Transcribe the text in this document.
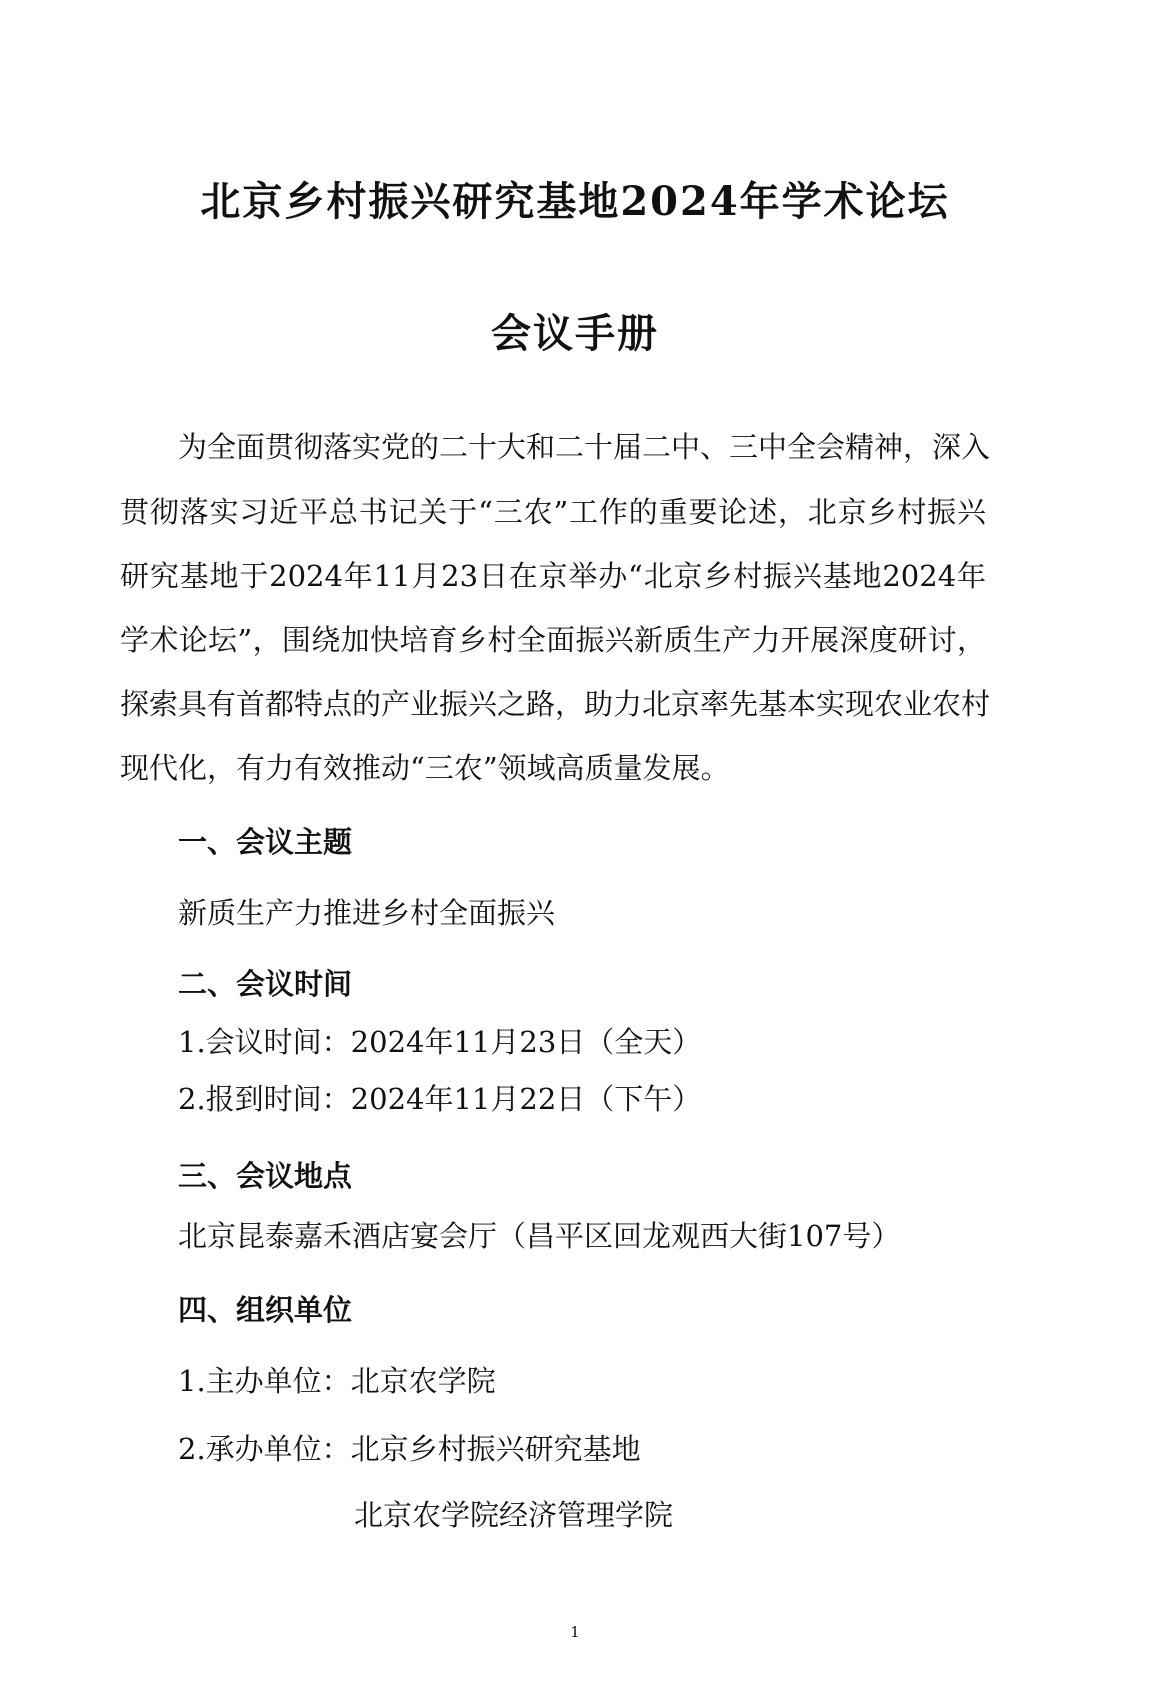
北京乡村振兴研究基地2024年学术论坛
会议手册
为全面贯彻落实党的二十大和二十届二中、三中全会精神，深入
贯彻落实习近平总书记关于“三农”工作的重要论述，北京乡村振兴
研究基地于2024年11月23日在京举办“北京乡村振兴基地2024年
学术论坛”，围绕加快培育乡村全面振兴新质生产力开展深度研讨，
探索具有首都特点的产业振兴之路，助力北京率先基本实现农业农村
现代化，有力有效推动“三农”领域高质量发展。
一、会议主题
新质生产力推进乡村全面振兴
二、会议时间
1.会议时间：2024年11月23日（全天）
2.报到时间：2024年11月22日（下午）
三、会议地点
北京昆泰嘉禾酒店宴会厅（昌平区回龙观西大街107号）
四、组织单位
1.主办单位：北京农学院
2.承办单位：北京乡村振兴研究基地
北京农学院经济管理学院
1
